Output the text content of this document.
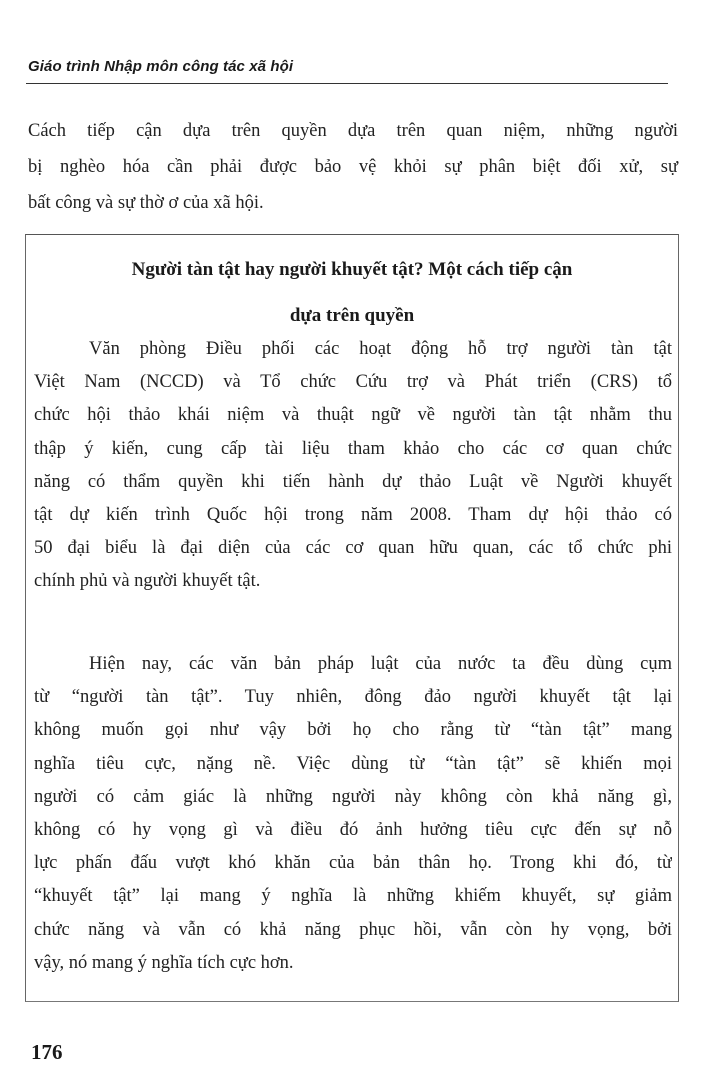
Giáo trình Nhập môn công tác xã hội

Cách tiếp cận dựa trên quyền dựa trên quan niệm, những người
bị nghèo hóa cần phải được bảo vệ khỏi sự phân biệt đối xử, sự
bất công và sự thờ ơ của xã hội.

Người tàn tật hay người khuyết tật? Một cách tiếp cận
dựa trên quyền

Văn phòng Điều phối các hoạt động hỗ trợ người tàn tật
Việt Nam (NCCD) và Tổ chức Cứu trợ và Phát triển (CRS) tổ
chức hội thảo khái niệm và thuật ngữ về người tàn tật nhằm thu
thập ý kiến, cung cấp tài liệu tham khảo cho các cơ quan chức
năng có thẩm quyền khi tiến hành dự thảo Luật về Người khuyết
tật dự kiến trình Quốc hội trong năm 2008. Tham dự hội thảo có
50 đại biểu là đại diện của các cơ quan hữu quan, các tổ chức phi
chính phủ và người khuyết tật.

Hiện nay, các văn bản pháp luật của nước ta đều dùng cụm
từ “người tàn tật”. Tuy nhiên, đông đảo người khuyết tật lại
không muốn gọi như vậy bởi họ cho rằng từ “tàn tật” mang
nghĩa tiêu cực, nặng nề. Việc dùng từ “tàn tật” sẽ khiến mọi
người có cảm giác là những người này không còn khả năng gì,
không có hy vọng gì và điều đó ảnh hưởng tiêu cực đến sự nỗ
lực phấn đấu vượt khó khăn của bản thân họ. Trong khi đó, từ
“khuyết tật” lại mang ý nghĩa là những khiếm khuyết, sự giảm
chức năng và vẫn có khả năng phục hồi, vẫn còn hy vọng, bởi
vậy, nó mang ý nghĩa tích cực hơn.

176
